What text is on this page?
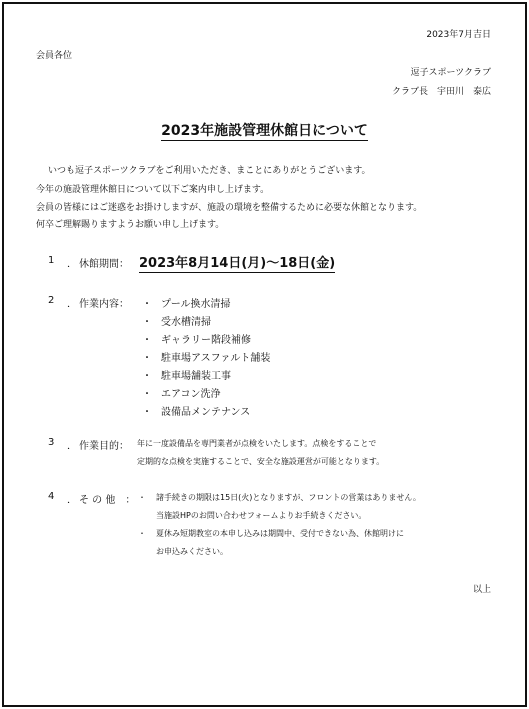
2023年7月吉日
会員各位
逗子スポーツクラブ
クラブ長　宇田川　泰広
2023年施設管理休館日について
いつも逗子スポーツクラブをご利用いただき、まことにありがとうございます。
今年の施設管理休館日について以下ご案内申し上げます。
会員の皆様にはご迷惑をお掛けしますが、施設の環境を整備するために必要な休館となります。
何卒ご理解賜りますようお願い申し上げます。
1 ． 休館期間： 2023年8月14日(月)～18日(金)
2 ． 作業内容： ・ プール換水清掃
・ 受水槽清掃
・ ギャラリー階段補修
・ 駐車場アスファルト舗装
・ 駐車場舗装工事
・ エアコン洗浄
・ 設備品メンテナンス
3 ． 作業目的： 年に一度設備品を専門業者が点検をいたします。点検をすることで
定期的な点検を実施することで、安全な施設運営が可能となります。
4 ． そ の 他　： ・ 諸手続きの期限は15日(火)となりますが、フロントの営業はありません。
当施設HPのお問い合わせフォームよりお手続きください。
・ 夏休み短期教室の本申し込みは期間中、受付できない為、休館明けに
お申込みください。
以上
